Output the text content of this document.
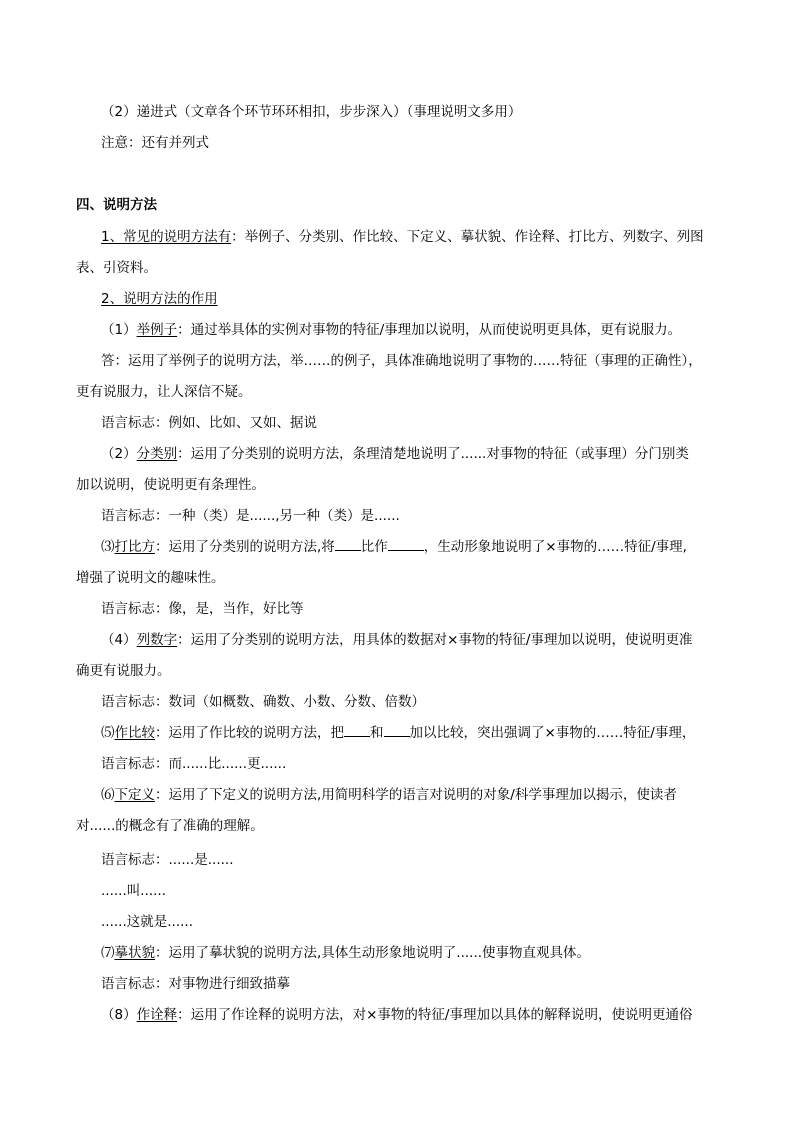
（2）递进式（文章各个环节环环相扣，步步深入）（事理说明文多用）
注意：还有并列式
四、说明方法
1、常见的说明方法有：举例子、分类别、作比较、下定义、摹状貌、作诠释、打比方、列数字、列图
表、引资料。
2、说明方法的作用
（1）举例子：通过举具体的实例对事物的特征/事理加以说明，从而使说明更具体，更有说服力。
答：运用了举例子的说明方法，举……的例子，具体准确地说明了事物的……特征（事理的正确性），
更有说服力，让人深信不疑。
语言标志：例如、比如、又如、据说
（2）分类别：运用了分类别的说明方法，条理清楚地说明了......对事物的特征（或事理）分门别类
加以说明，使说明更有条理性。
语言标志：一种（类）是......,另一种（类）是......
⑶打比方：运用了分类别的说明方法,将 比作	，生动形象地说明了×事物的……特征/事理,
增强了说明文的趣味性。
语言标志：像，是，当作，好比等
（4）列数字：运用了分类别的说明方法，用具体的数据对×事物的特征/事理加以说明，使说明更准
确更有说服力。
语言标志：数词（如概数、确数、小数、分数、倍数）
⑸作比较：运用了作比较的说明方法，把 和 加以比较，突出强调了×事物的……特征/事理，
语言标志：而......比......更......
⑹下定义：运用了下定义的说明方法,用简明科学的语言对说明的对象/科学事理加以揭示，使读者
对......的概念有了准确的理解。
语言标志：......是......
......叫......
......这就是......
⑺摹状貌：运用了摹状貌的说明方法,具体生动形象地说明了......使事物直观具体。
语言标志：对事物进行细致描摹
（8）作诠释：运用了作诠释的说明方法，对×事物的特征/事理加以具体的解释说明，使说明更通俗
